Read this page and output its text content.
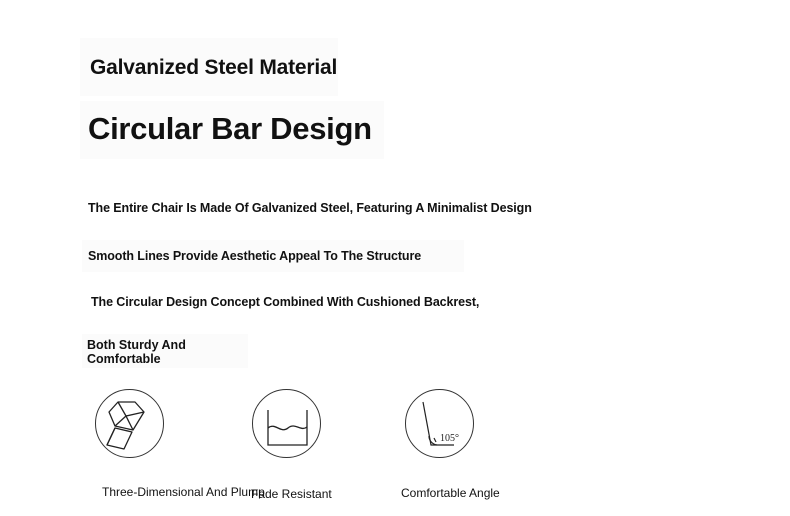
Galvanized Steel Material
Circular Bar Design
The Entire Chair Is Made Of Galvanized Steel, Featuring A Minimalist Design
Smooth Lines Provide Aesthetic Appeal To The Structure
The Circular Design Concept Combined With Cushioned Backrest,
Both Sturdy And Comfortable
Three-Dimensional And Plump
Fade Resistant
105°
Comfortable Angle
